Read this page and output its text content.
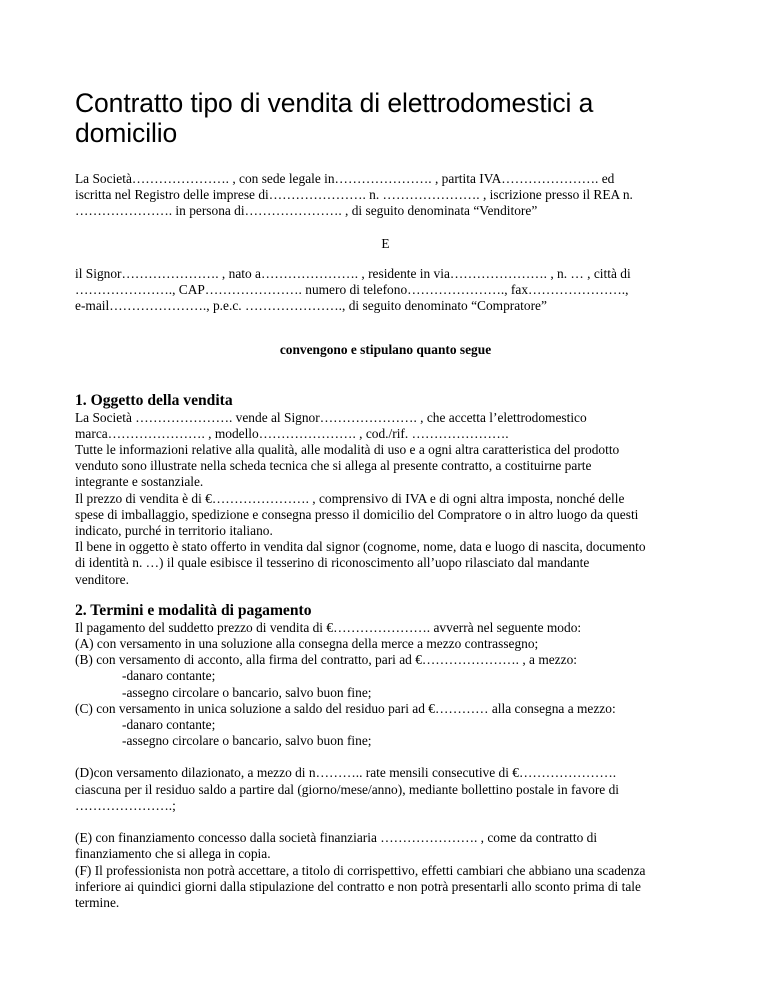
Contratto tipo di vendita di elettrodomestici a domicilio

La Società…………………. , con sede legale in…………………. , partita IVA…………………. ed

iscritta nel Registro delle imprese di…………………. n. …………………. , iscrizione presso il REA n.

…………………. in persona di…………………. , di seguito denominata “Venditore”

E

il Signor…………………. , nato a…………………. , residente in via…………………. , n. … , città di

…………………., CAP…………………. numero di telefono…………………., fax………………….,

e-mail…………………., p.e.c. …………………., di seguito denominato “Compratore”

convengono e stipulano quanto segue

1. Oggetto della vendita

La Società …………………. vende al Signor…………………. , che accetta l’elettrodomestico

marca…………………. , modello…………………. , cod./rif. ………………….

Tutte le informazioni relative alla qualità, alle modalità di uso e a ogni altra caratteristica del prodotto

venduto sono illustrate nella scheda tecnica che si allega al presente contratto, a costituirne parte

integrante e sostanziale.

Il prezzo di vendita è di €…………………. , comprensivo di IVA e di ogni altra imposta, nonché delle

spese di imballaggio, spedizione e consegna presso il domicilio del Compratore o in altro luogo da questi

indicato, purché in territorio italiano.

Il bene in oggetto è stato offerto in vendita dal signor (cognome, nome, data e luogo di nascita, documento

di identità n. …) il quale esibisce il tesserino di riconoscimento all’uopo rilasciato dal mandante

venditore.

2. Termini e modalità di pagamento

Il pagamento del suddetto prezzo di vendita di €…………………. avverrà nel seguente modo:

(A) con versamento in una soluzione alla consegna della merce a mezzo contrassegno;

(B) con versamento di acconto, alla firma del contratto, pari ad €…………………. , a mezzo:

-danaro contante;

-assegno circolare o bancario, salvo buon fine;

(C) con versamento in unica soluzione a saldo del residuo pari ad €………… alla consegna a mezzo:

-danaro contante;

-assegno circolare o bancario, salvo buon fine;

(D)con versamento dilazionato, a mezzo di n……….. rate mensili consecutive di €………………….

ciascuna per il residuo saldo a partire dal (giorno/mese/anno), mediante bollettino postale in favore di

………………….;

(E) con finanziamento concesso dalla società finanziaria …………………. , come da contratto di

finanziamento che si allega in copia.

(F) Il professionista non potrà accettare, a titolo di corrispettivo, effetti cambiari che abbiano una scadenza

inferiore ai quindici giorni dalla stipulazione del contratto e non potrà presentarli allo sconto prima di tale

termine.
